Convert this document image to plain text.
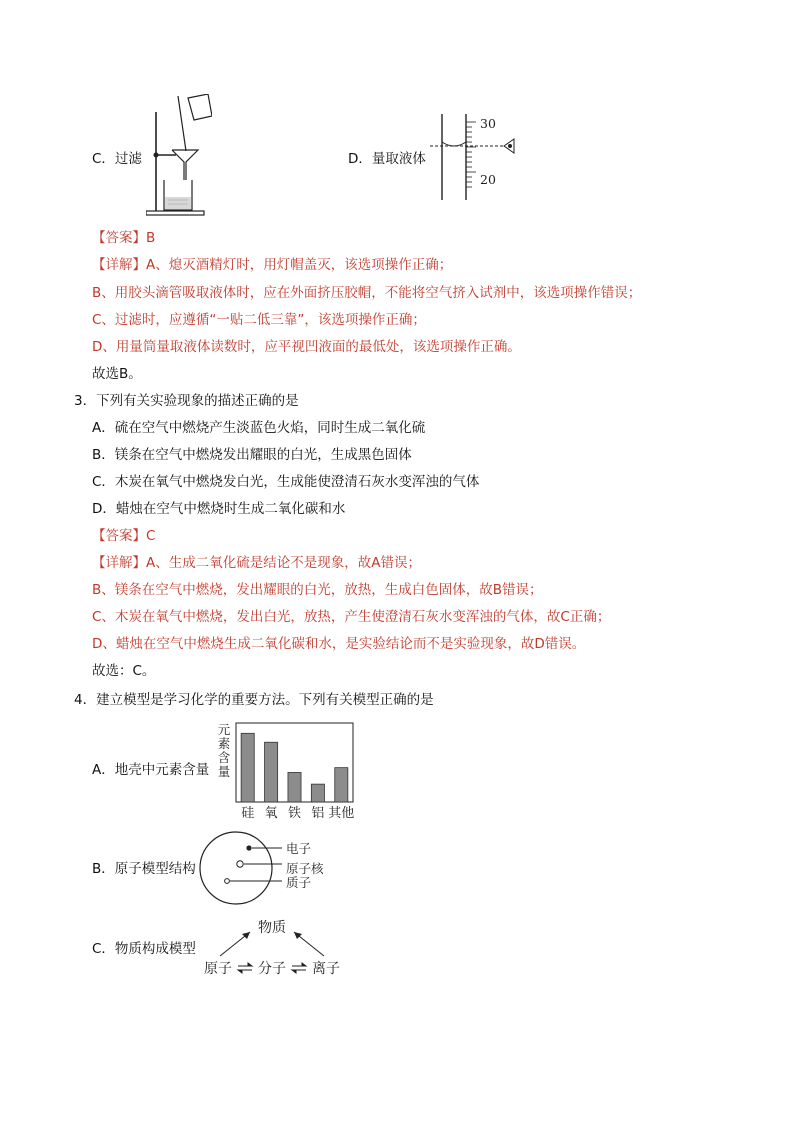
C．过滤	D．量取液体
30
20
【答案】B
【详解】A、熄灭酒精灯时，用灯帽盖灭，该选项操作正确；
B、用胶头滴管吸取液体时，应在外面挤压胶帽，不能将空气挤入试剂中，该选项操作错误；
C、过滤时，应遵循“一贴二低三靠”，该选项操作正确；
D、用量筒量取液体读数时，应平视凹液面的最低处，该选项操作正确。
故选B。
3．下列有关实验现象的描述正确的是
A．硫在空气中燃烧产生淡蓝色火焰，同时生成二氧化硫
B．镁条在空气中燃烧发出耀眼的白光，生成黑色固体
C．木炭在氧气中燃烧发白光，生成能使澄清石灰水变浑浊的气体
D．蜡烛在空气中燃烧时生成二氧化碳和水
【答案】C
【详解】A、生成二氧化硫是结论不是现象，故A错误；
B、镁条在空气中燃烧，发出耀眼的白光，放热，生成白色固体，故B错误；
C、木炭在氧气中燃烧，发出白光，放热，产生使澄清石灰水变浑浊的气体，故C正确；
D、蜡烛在空气中燃烧生成二氧化碳和水，是实验结论而不是实验现象，故D错误。
故选：C。
4．建立模型是学习化学的重要方法。下列有关模型正确的是
A．地壳中元素含量
元素含量
硅 氧 铁 铝 其他
B．原子模型结构
电子
原子核
质子
C．物质构成模型
物质
原子 分子 离子
